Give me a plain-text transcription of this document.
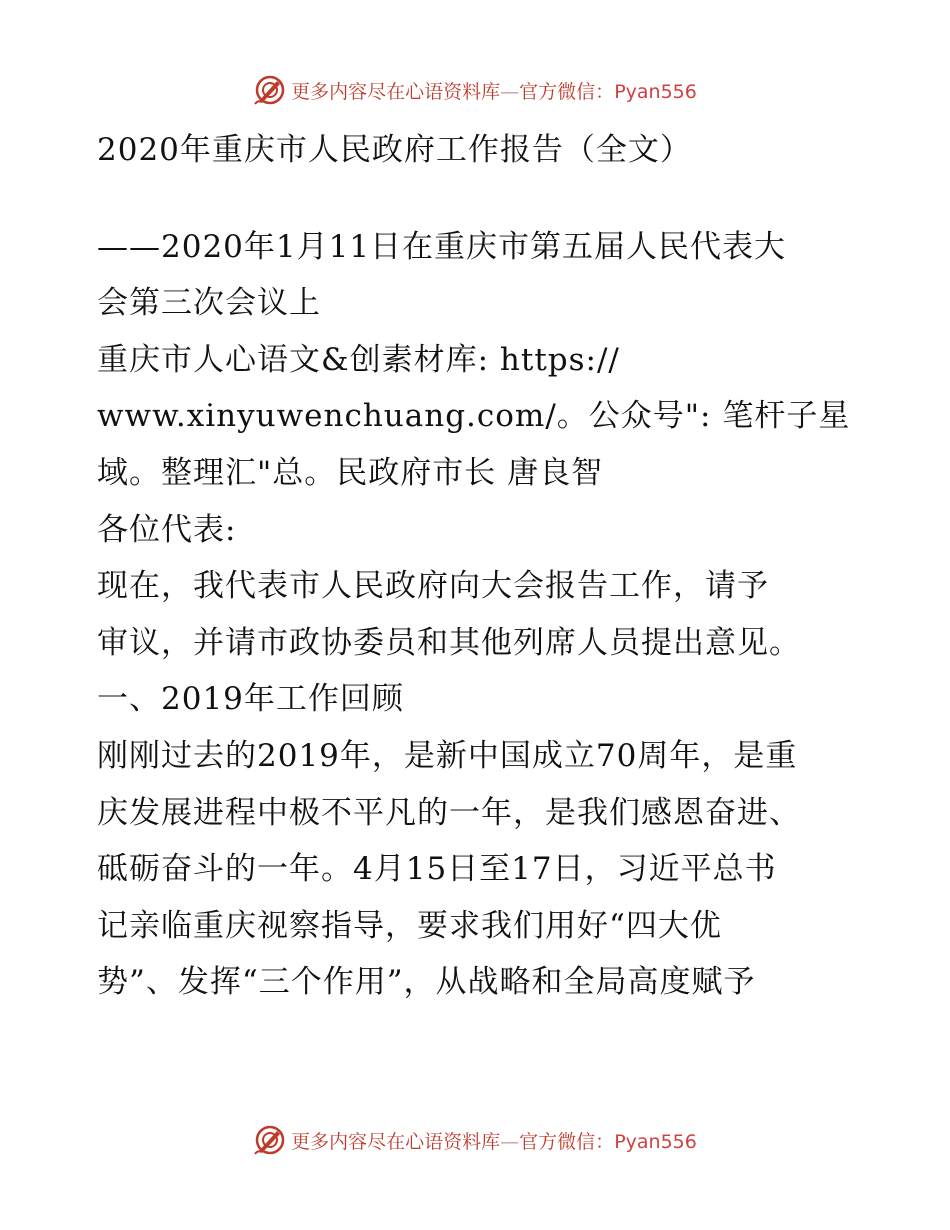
更多内容尽在心语资料库—官方微信：Pyan556
2020年重庆市人民政府工作报告（全文）
——2020年1月11日在重庆市第五届人民代表大
会第三次会议上
重庆市人心语文&创素材库: https://
www.xinyuwenchuang.com/。公众号": 笔杆子星
域。整理汇"总。民政府市长 唐良智
各位代表:
现在，我代表市人民政府向大会报告工作，请予
审议，并请市政协委员和其他列席人员提出意见。
一、2019年工作回顾
刚刚过去的2019年，是新中国成立70周年，是重
庆发展进程中极不平凡的一年，是我们感恩奋进、
砥砺奋斗的一年。4月15日至17日，习近平总书
记亲临重庆视察指导，要求我们用好“四大优
势”、发挥“三个作用”，从战略和全局高度赋予
更多内容尽在心语资料库—官方微信：Pyan556
